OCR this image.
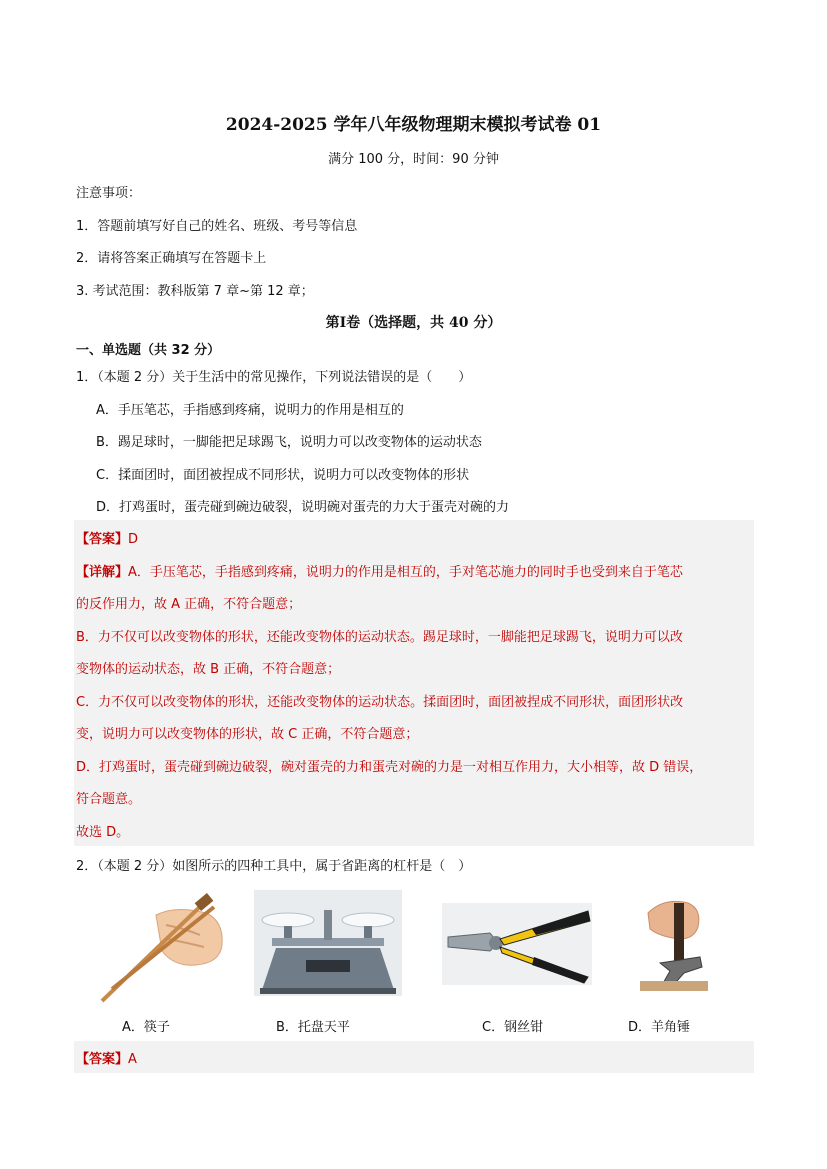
2024-2025 学年八年级物理期末模拟考试卷 01
满分 100 分，时间：90 分钟
注意事项：
1．答题前填写好自己的姓名、班级、考号等信息
2．请将答案正确填写在答题卡上
3. 考试范围：教科版第 7 章~第 12 章；
第Ⅰ卷（选择题，共 40 分）
一、单选题（共 32 分）
1．（本题 2 分）关于生活中的常见操作，下列说法错误的是（　　）
A．手压笔芯，手指感到疼痛，说明力的作用是相互的
B．踢足球时，一脚能把足球踢飞，说明力可以改变物体的运动状态
C．揉面团时，面团被捏成不同形状，说明力可以改变物体的形状
D．打鸡蛋时，蛋壳碰到碗边破裂，说明碗对蛋壳的力大于蛋壳对碗的力
【答案】D
【详解】A．手压笔芯，手指感到疼痛，说明力的作用是相互的，手对笔芯施力的同时手也受到来自于笔芯
的反作用力，故 A 正确，不符合题意；
B．力不仅可以改变物体的形状，还能改变物体的运动状态。踢足球时，一脚能把足球踢飞，说明力可以改
变物体的运动状态，故 B 正确，不符合题意；
C．力不仅可以改变物体的形状，还能改变物体的运动状态。揉面团时，面团被捏成不同形状，面团形状改
变，说明力可以改变物体的形状，故 C 正确，不符合题意；
D．打鸡蛋时，蛋壳碰到碗边破裂，碗对蛋壳的力和蛋壳对碗的力是一对相互作用力，大小相等，故 D 错误，
符合题意。
故选 D。
2．（本题 2 分）如图所示的四种工具中，属于省距离的杠杆是（　）
A．筷子	B．托盘天平	C．钢丝钳	D．羊角锤
【答案】A
